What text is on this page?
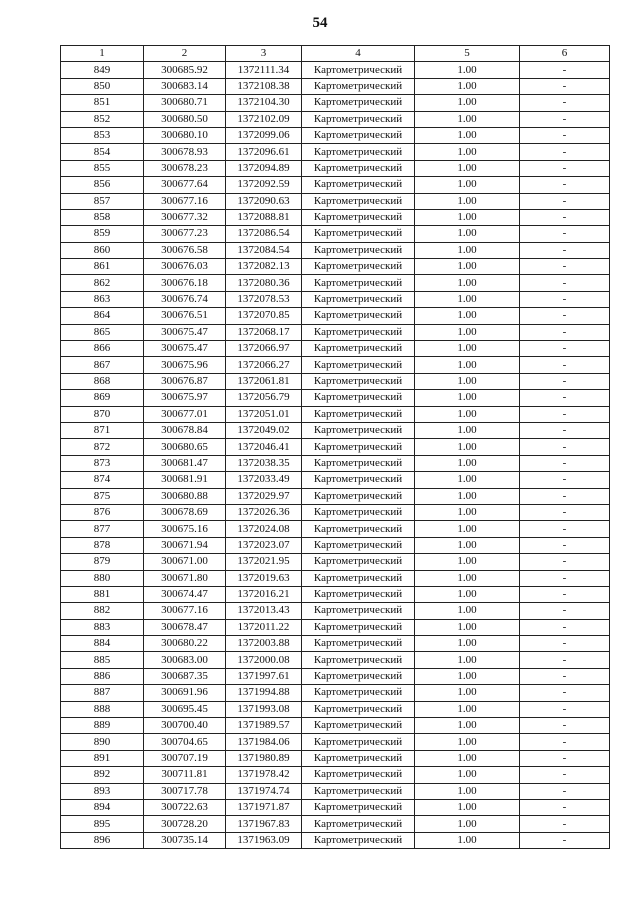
54
1	2	3	4	5	6
849	300685.92	1372111.34	Картометрический	1.00	-
850	300683.14	1372108.38	Картометрический	1.00	-
851	300680.71	1372104.30	Картометрический	1.00	-
852	300680.50	1372102.09	Картометрический	1.00	-
853	300680.10	1372099.06	Картометрический	1.00	-
854	300678.93	1372096.61	Картометрический	1.00	-
855	300678.23	1372094.89	Картометрический	1.00	-
856	300677.64	1372092.59	Картометрический	1.00	-
857	300677.16	1372090.63	Картометрический	1.00	-
858	300677.32	1372088.81	Картометрический	1.00	-
859	300677.23	1372086.54	Картометрический	1.00	-
860	300676.58	1372084.54	Картометрический	1.00	-
861	300676.03	1372082.13	Картометрический	1.00	-
862	300676.18	1372080.36	Картометрический	1.00	-
863	300676.74	1372078.53	Картометрический	1.00	-
864	300676.51	1372070.85	Картометрический	1.00	-
865	300675.47	1372068.17	Картометрический	1.00	-
866	300675.47	1372066.97	Картометрический	1.00	-
867	300675.96	1372066.27	Картометрический	1.00	-
868	300676.87	1372061.81	Картометрический	1.00	-
869	300675.97	1372056.79	Картометрический	1.00	-
870	300677.01	1372051.01	Картометрический	1.00	-
871	300678.84	1372049.02	Картометрический	1.00	-
872	300680.65	1372046.41	Картометрический	1.00	-
873	300681.47	1372038.35	Картометрический	1.00	-
874	300681.91	1372033.49	Картометрический	1.00	-
875	300680.88	1372029.97	Картометрический	1.00	-
876	300678.69	1372026.36	Картометрический	1.00	-
877	300675.16	1372024.08	Картометрический	1.00	-
878	300671.94	1372023.07	Картометрический	1.00	-
879	300671.00	1372021.95	Картометрический	1.00	-
880	300671.80	1372019.63	Картометрический	1.00	-
881	300674.47	1372016.21	Картометрический	1.00	-
882	300677.16	1372013.43	Картометрический	1.00	-
883	300678.47	1372011.22	Картометрический	1.00	-
884	300680.22	1372003.88	Картометрический	1.00	-
885	300683.00	1372000.08	Картометрический	1.00	-
886	300687.35	1371997.61	Картометрический	1.00	-
887	300691.96	1371994.88	Картометрический	1.00	-
888	300695.45	1371993.08	Картометрический	1.00	-
889	300700.40	1371989.57	Картометрический	1.00	-
890	300704.65	1371984.06	Картометрический	1.00	-
891	300707.19	1371980.89	Картометрический	1.00	-
892	300711.81	1371978.42	Картометрический	1.00	-
893	300717.78	1371974.74	Картометрический	1.00	-
894	300722.63	1371971.87	Картометрический	1.00	-
895	300728.20	1371967.83	Картометрический	1.00	-
896	300735.14	1371963.09	Картометрический	1.00	-
